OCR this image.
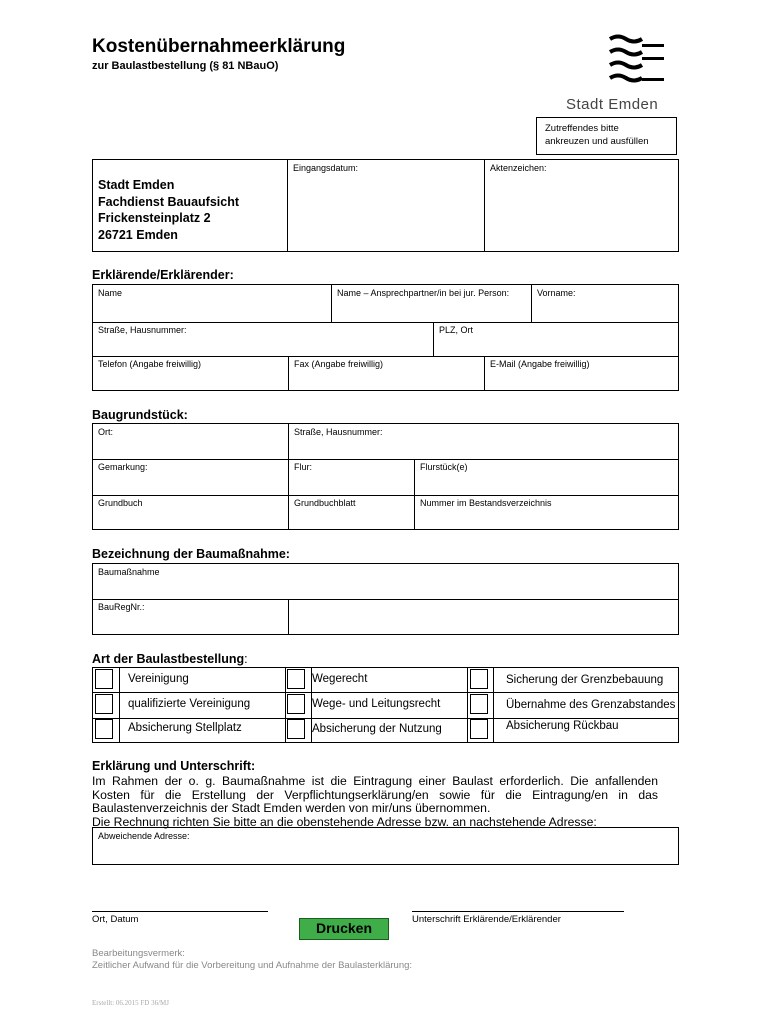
Kostenübernahmeerklärung
zur Baulastbestellung (§ 81 NBauO)
Stadt Emden
Zutreffendes bitte
ankreuzen und ausfüllen
Eingangsdatum:	Aktenzeichen:
Stadt Emden
Fachdienst Bauaufsicht
Frickensteinplatz 2
26721 Emden
Erklärende/Erklärender:
Name	Name – Ansprechpartner/in bei jur. Person:	Vorname:
Straße, Hausnummer:	PLZ, Ort
Telefon (Angabe freiwillig)	Fax (Angabe freiwillig)	E-Mail (Angabe freiwillig)
Baugrundstück:
Ort:	Straße, Hausnummer:
Gemarkung:	Flur:	Flurstück(e)
Grundbuch	Grundbuchblatt	Nummer im Bestandsverzeichnis
Bezeichnung der Baumaßnahme:
Baumaßnahme
BauRegNr.:
Art der Baulastbestellung:
Vereinigung	Wegerecht	Sicherung der Grenzbebauung
qualifizierte Vereinigung	Wege- und Leitungsrecht	Übernahme des Grenzabstandes
Absicherung Stellplatz	Absicherung der Nutzung	Absicherung Rückbau
Erklärung und Unterschrift:
Im Rahmen der o. g. Baumaßnahme ist die Eintragung einer Baulast erforderlich. Die anfallenden
Kosten für die Erstellung der Verpflichtungserklärung/en sowie für die Eintragung/en in das
Baulastenverzeichnis der Stadt Emden werden von mir/uns übernommen.
Die Rechnung richten Sie bitte an die obenstehende Adresse bzw. an nachstehende Adresse:
Abweichende Adresse:
Ort, Datum	Unterschrift Erklärende/Erklärender
Drucken
Bearbeitungsvermerk:
Zeitlicher Aufwand für die Vorbereitung und Aufnahme der Baulasterklärung:
Erstellt: 06.2015 FD 36/MJ
